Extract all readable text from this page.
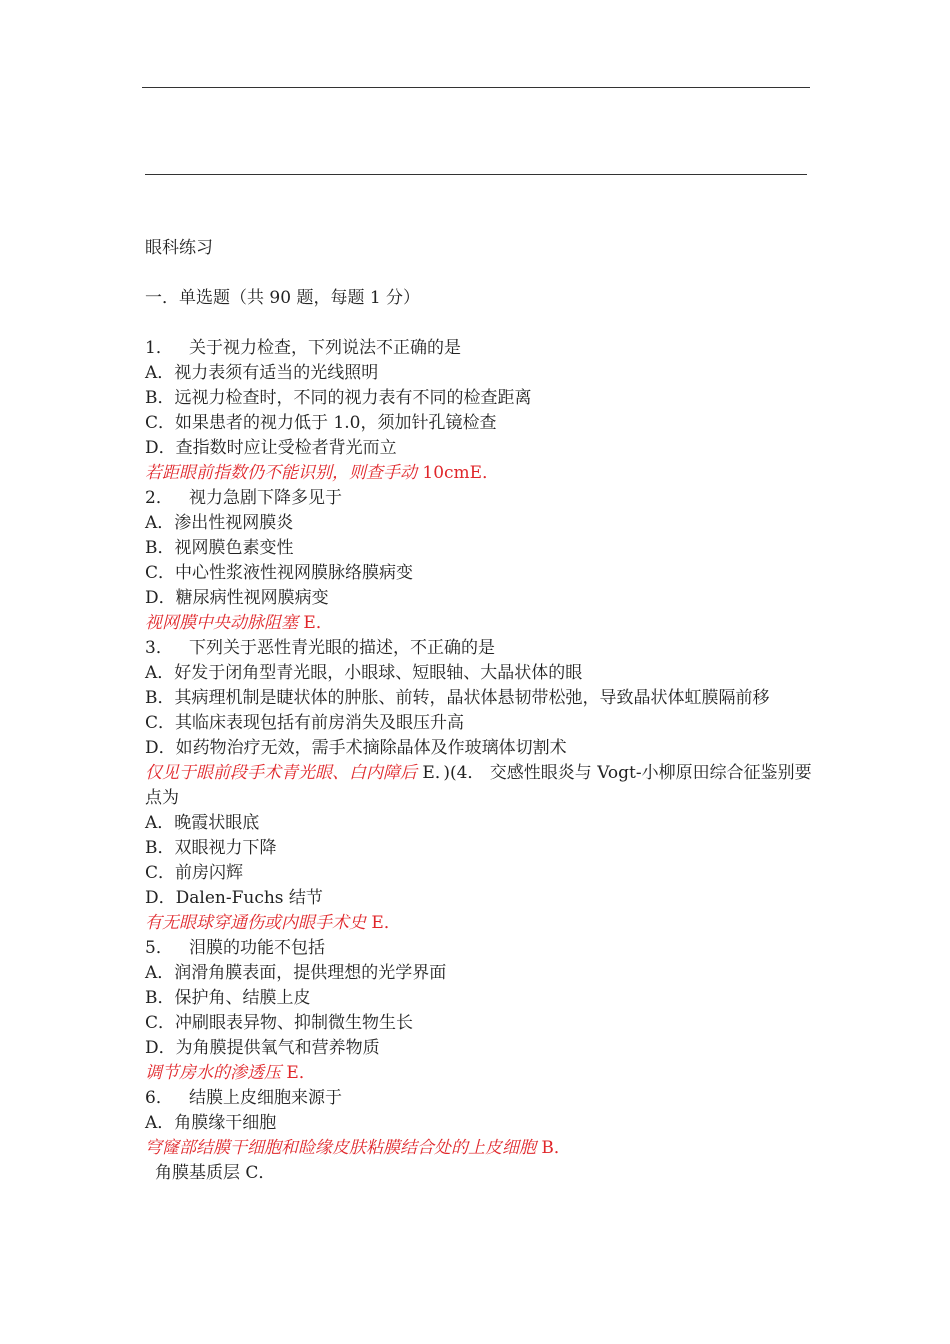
眼科练习
一．单选题（共 90 题，每题 1 分）
1．   关于视力检查，下列说法不正确的是
A．视力表须有适当的光线照明
B．远视力检查时，不同的视力表有不同的检查距离
C．如果患者的视力低于 1.0，须加针孔镜检查
D．查指数时应让受检者背光而立
若距眼前指数仍不能识别，则查手动 10cmE．
2．   视力急剧下降多见于
A．渗出性视网膜炎
B．视网膜色素变性
C．中心性浆液性视网膜脉络膜病变
D．糖尿病性视网膜病变
视网膜中央动脉阻塞 E．
3．   下列关于恶性青光眼的描述，不正确的是
A．好发于闭角型青光眼，小眼球、短眼轴、大晶状体的眼
B．其病理机制是睫状体的肿胀、前转，晶状体悬韧带松弛，导致晶状体虹膜隔前移
C．其临床表现包括有前房消失及眼压升高
D．如药物治疗无效，需手术摘除晶体及作玻璃体切割术
仅见于眼前段手术青光眼、白内障后 E．)(4． 交感性眼炎与 Vogt-小柳原田综合征鉴别要点为
A．晚霞状眼底
B．双眼视力下降
C．前房闪辉
D．Dalen-Fuchs 结节
有无眼球穿通伤或内眼手术史 E．
5．   泪膜的功能不包括
A．润滑角膜表面，提供理想的光学界面
B．保护角、结膜上皮
C．冲刷眼表异物、抑制微生物生长
D．为角膜提供氧气和营养物质
调节房水的渗透压 E．
6．   结膜上皮细胞来源于
A．角膜缘干细胞
穹窿部结膜干细胞和睑缘皮肤粘膜结合处的上皮细胞 B．
角膜基质层 C．
